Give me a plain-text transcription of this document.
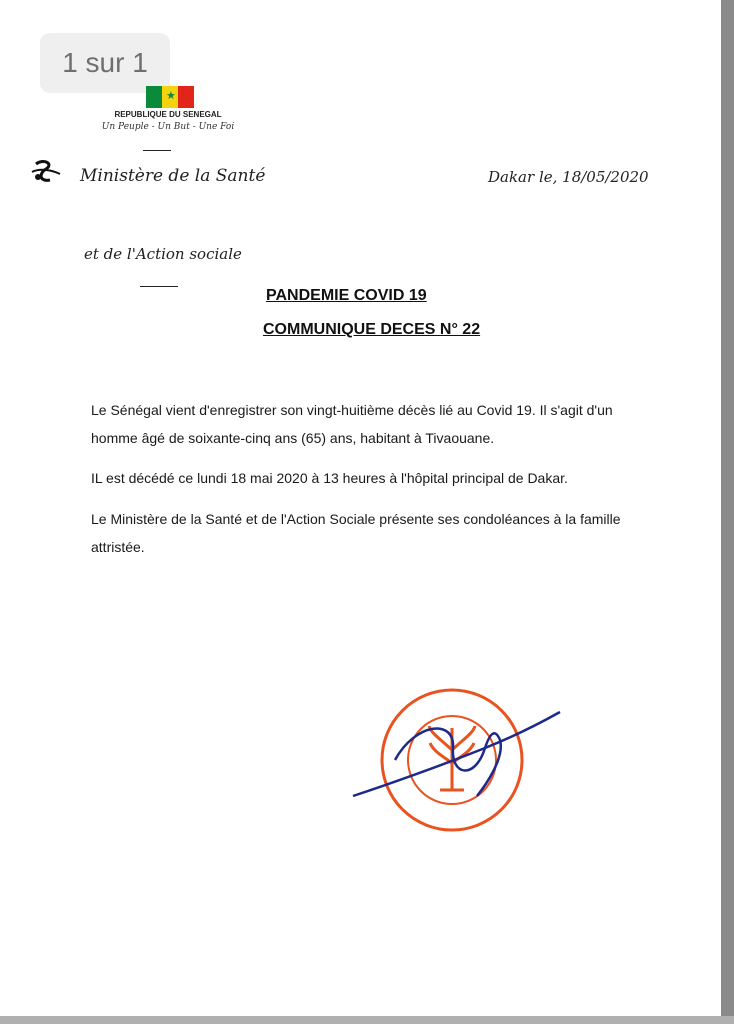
1 sur 1
★
REPUBLIQUE DU SENEGAL
Un Peuple - Un But - Une Foi
Ministère de la Santé	Dakar le, 18/05/2020
et de l'Action sociale
PANDEMIE COVID 19
COMMUNIQUE DECES N° 22

Le Sénégal vient d'enregistrer son vingt-huitième décès lié au Covid 19. Il s'agit d'un homme âgé de soixante-cinq ans (65) ans, habitant à Tivaouane.

IL est décédé ce lundi 18 mai 2020 à 13 heures à l'hôpital principal de Dakar.

Le Ministère de la Santé et de l'Action Sociale présente ses condoléances à la famille attristée.
